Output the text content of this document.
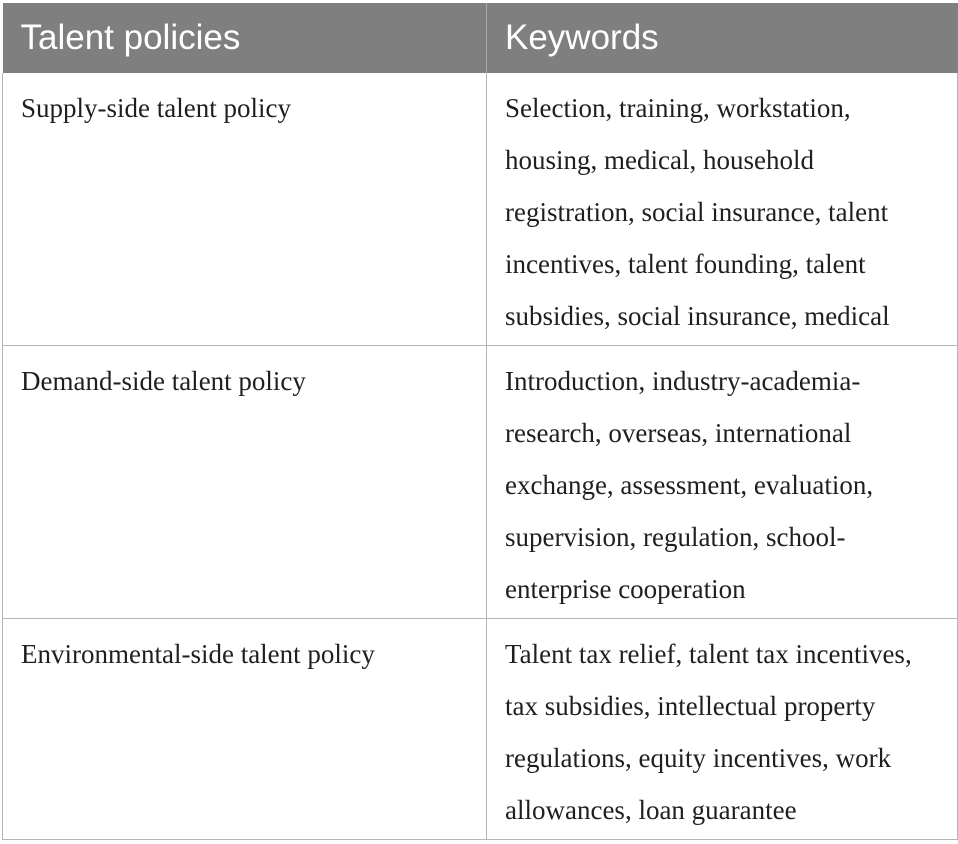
Talent policies	Keywords
Supply-side talent policy	Selection, training, workstation, housing, medical, household registration, social insurance, talent incentives, talent founding, talent subsidies, social insurance, medical
Demand-side talent policy	Introduction, industry-academia-research, overseas, international exchange, assessment, evaluation, supervision, regulation, school-enterprise cooperation
Environmental-side talent policy	Talent tax relief, talent tax incentives, tax subsidies, intellectual property regulations, equity incentives, work allowances, loan guarantee
